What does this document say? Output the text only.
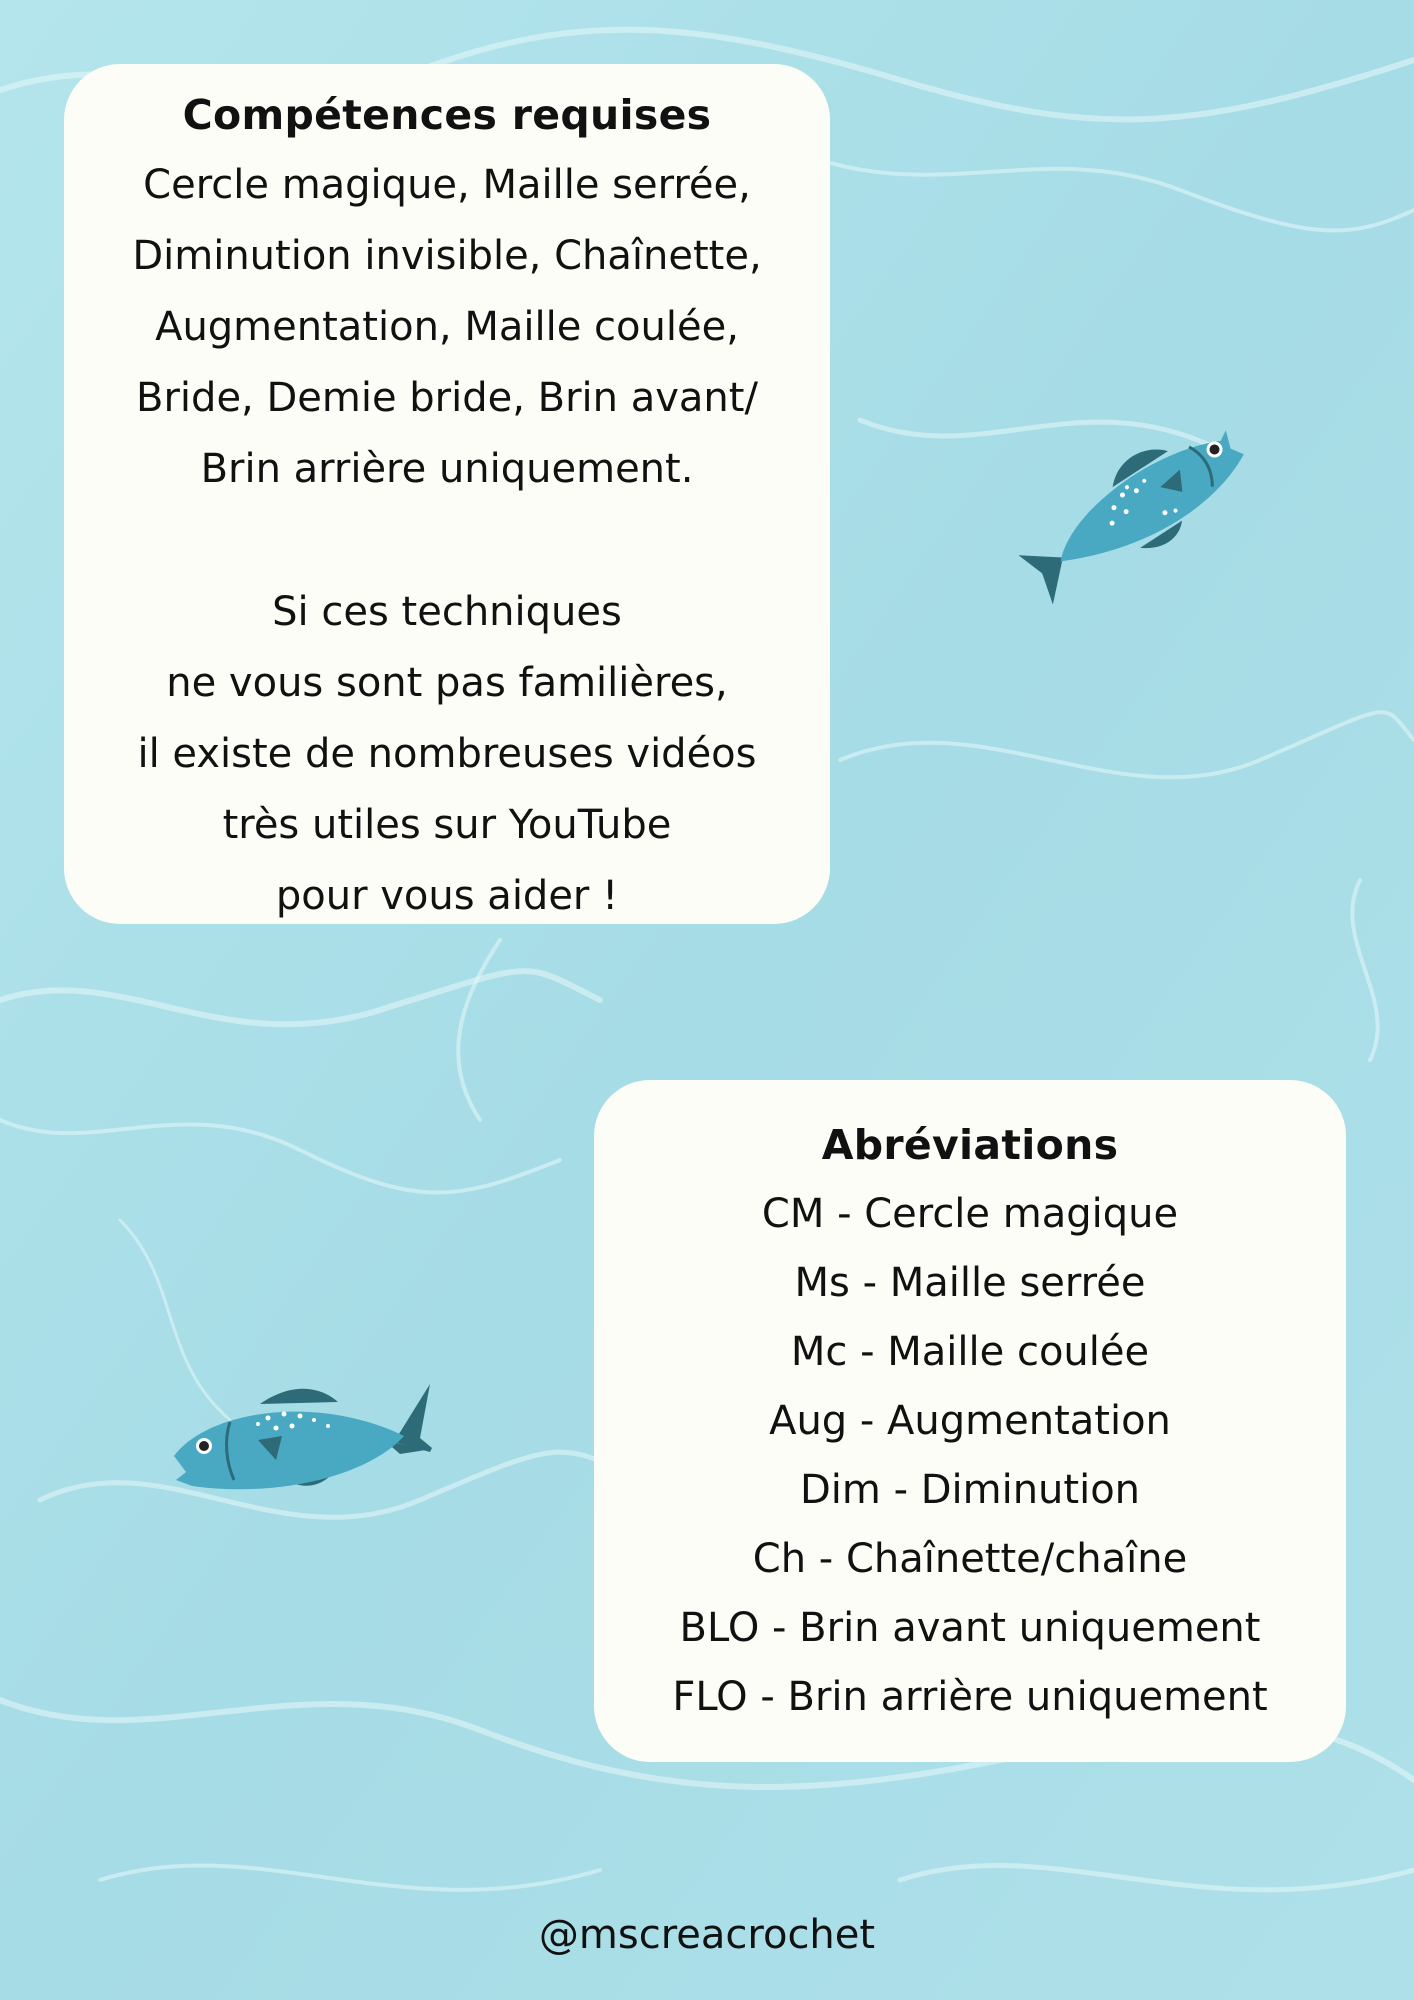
Compétences requises
Cercle magique, Maille serrée,
Diminution invisible, Chaînette,
Augmentation, Maille coulée,
Bride, Demie bride, Brin avant/
Brin arrière uniquement.
Si ces techniques
ne vous sont pas familières,
il existe de nombreuses vidéos
très utiles sur YouTube
pour vous aider !
Abréviations
CM - Cercle magique
Ms - Maille serrée
Mc - Maille coulée
Aug - Augmentation
Dim - Diminution
Ch - Chaînette/chaîne
BLO - Brin avant uniquement
FLO - Brin arrière uniquement
@mscreacrochet
